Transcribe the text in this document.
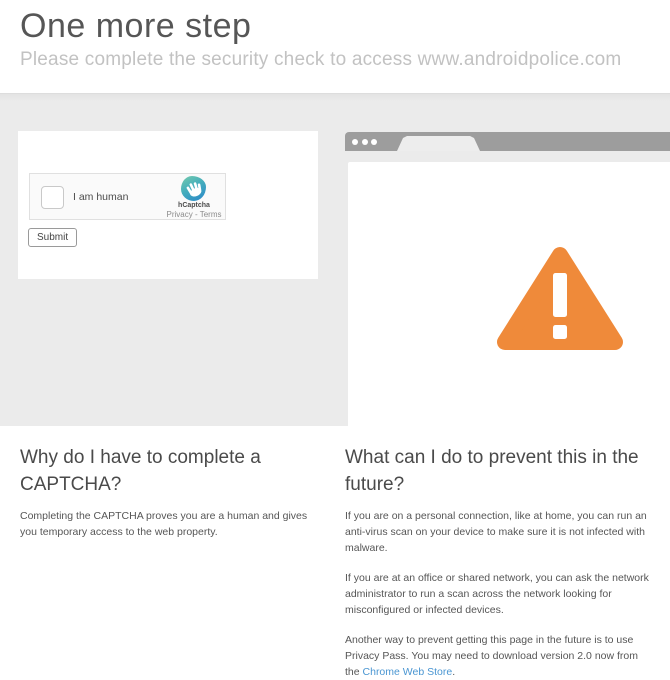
One more step

Please complete the security check to access www.androidpolice.com

I am human
hCaptcha
Privacy - Terms
Submit
Why do I have to complete a CAPTCHA?

Completing the CAPTCHA proves you are a human and gives you temporary access to the web property.

What can I do to prevent this in the future?

If you are on a personal connection, like at home, you can run an anti-virus scan on your device to make sure it is not infected with malware.

If you are at an office or shared network, you can ask the network administrator to run a scan across the network looking for misconfigured or infected devices.

Another way to prevent getting this page in the future is to use Privacy Pass. You may need to download version 2.0 now from the Chrome Web Store.
